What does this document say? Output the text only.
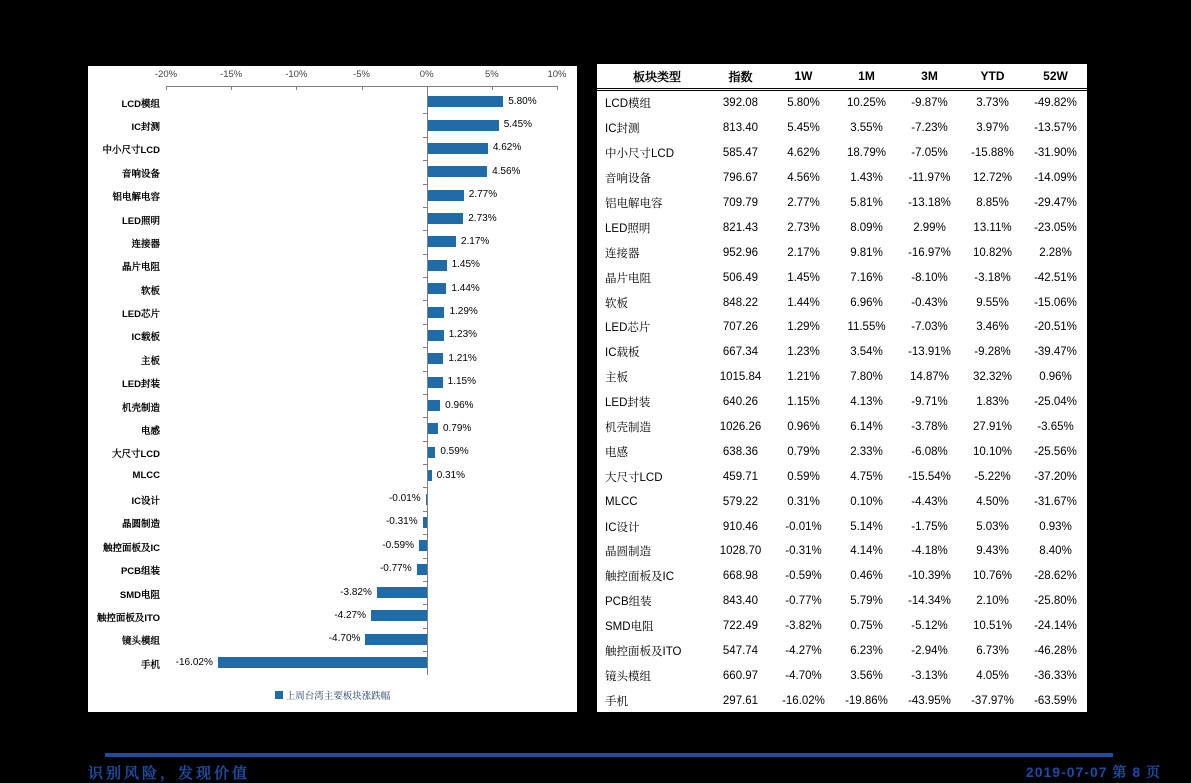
-20%	-15%	-10%	-5%	0%	5%	10%
LCD模组	5.80%
IC封测	5.45%
中小尺寸LCD	4.62%
音响设备	4.56%
铝电解电容	2.77%
LED照明	2.73%
连接器	2.17%
晶片电阻	1.45%
软板	1.44%
LED芯片	1.29%
IC载板	1.23%
主板	1.21%
LED封装	1.15%
机壳制造	0.96%
电感	0.79%
大尺寸LCD	0.59%
MLCC	0.31%
IC设计	-0.01%
晶圆制造	-0.31%
触控面板及IC	-0.59%
PCB组装	-0.77%
SMD电阻	-3.82%
触控面板及ITO	-4.27%
镜头模组	-4.70%
手机	-16.02%
上周台湾主要板块涨跌幅
板块类型	指数	1W	1M	3M	YTD	52W
LCD模组	392.08	5.80%	10.25%	-9.87%	3.73%	-49.82%
IC封测	813.40	5.45%	3.55%	-7.23%	3.97%	-13.57%
中小尺寸LCD	585.47	4.62%	18.79%	-7.05%	-15.88%	-31.90%
音响设备	796.67	4.56%	1.43%	-11.97%	12.72%	-14.09%
铝电解电容	709.79	2.77%	5.81%	-13.18%	8.85%	-29.47%
LED照明	821.43	2.73%	8.09%	2.99%	13.11%	-23.05%
连接器	952.96	2.17%	9.81%	-16.97%	10.82%	2.28%
晶片电阻	506.49	1.45%	7.16%	-8.10%	-3.18%	-42.51%
软板	848.22	1.44%	6.96%	-0.43%	9.55%	-15.06%
LED芯片	707.26	1.29%	11.55%	-7.03%	3.46%	-20.51%
IC载板	667.34	1.23%	3.54%	-13.91%	-9.28%	-39.47%
主板	1015.84	1.21%	7.80%	14.87%	32.32%	0.96%
LED封装	640.26	1.15%	4.13%	-9.71%	1.83%	-25.04%
机壳制造	1026.26	0.96%	6.14%	-3.78%	27.91%	-3.65%
电感	638.36	0.79%	2.33%	-6.08%	10.10%	-25.56%
大尺寸LCD	459.71	0.59%	4.75%	-15.54%	-5.22%	-37.20%
MLCC	579.22	0.31%	0.10%	-4.43%	4.50%	-31.67%
IC设计	910.46	-0.01%	5.14%	-1.75%	5.03%	0.93%
晶圆制造	1028.70	-0.31%	4.14%	-4.18%	9.43%	8.40%
触控面板及IC	668.98	-0.59%	0.46%	-10.39%	10.76%	-28.62%
PCB组装	843.40	-0.77%	5.79%	-14.34%	2.10%	-25.80%
SMD电阻	722.49	-3.82%	0.75%	-5.12%	10.51%	-24.14%
触控面板及ITO	547.74	-4.27%	6.23%	-2.94%	6.73%	-46.28%
镜头模组	660.97	-4.70%	3.56%	-3.13%	4.05%	-36.33%
手机	297.61	-16.02%	-19.86%	-43.95%	-37.97%	-63.59%
识别风险，发现价值	2019-07-07 第 8 页
